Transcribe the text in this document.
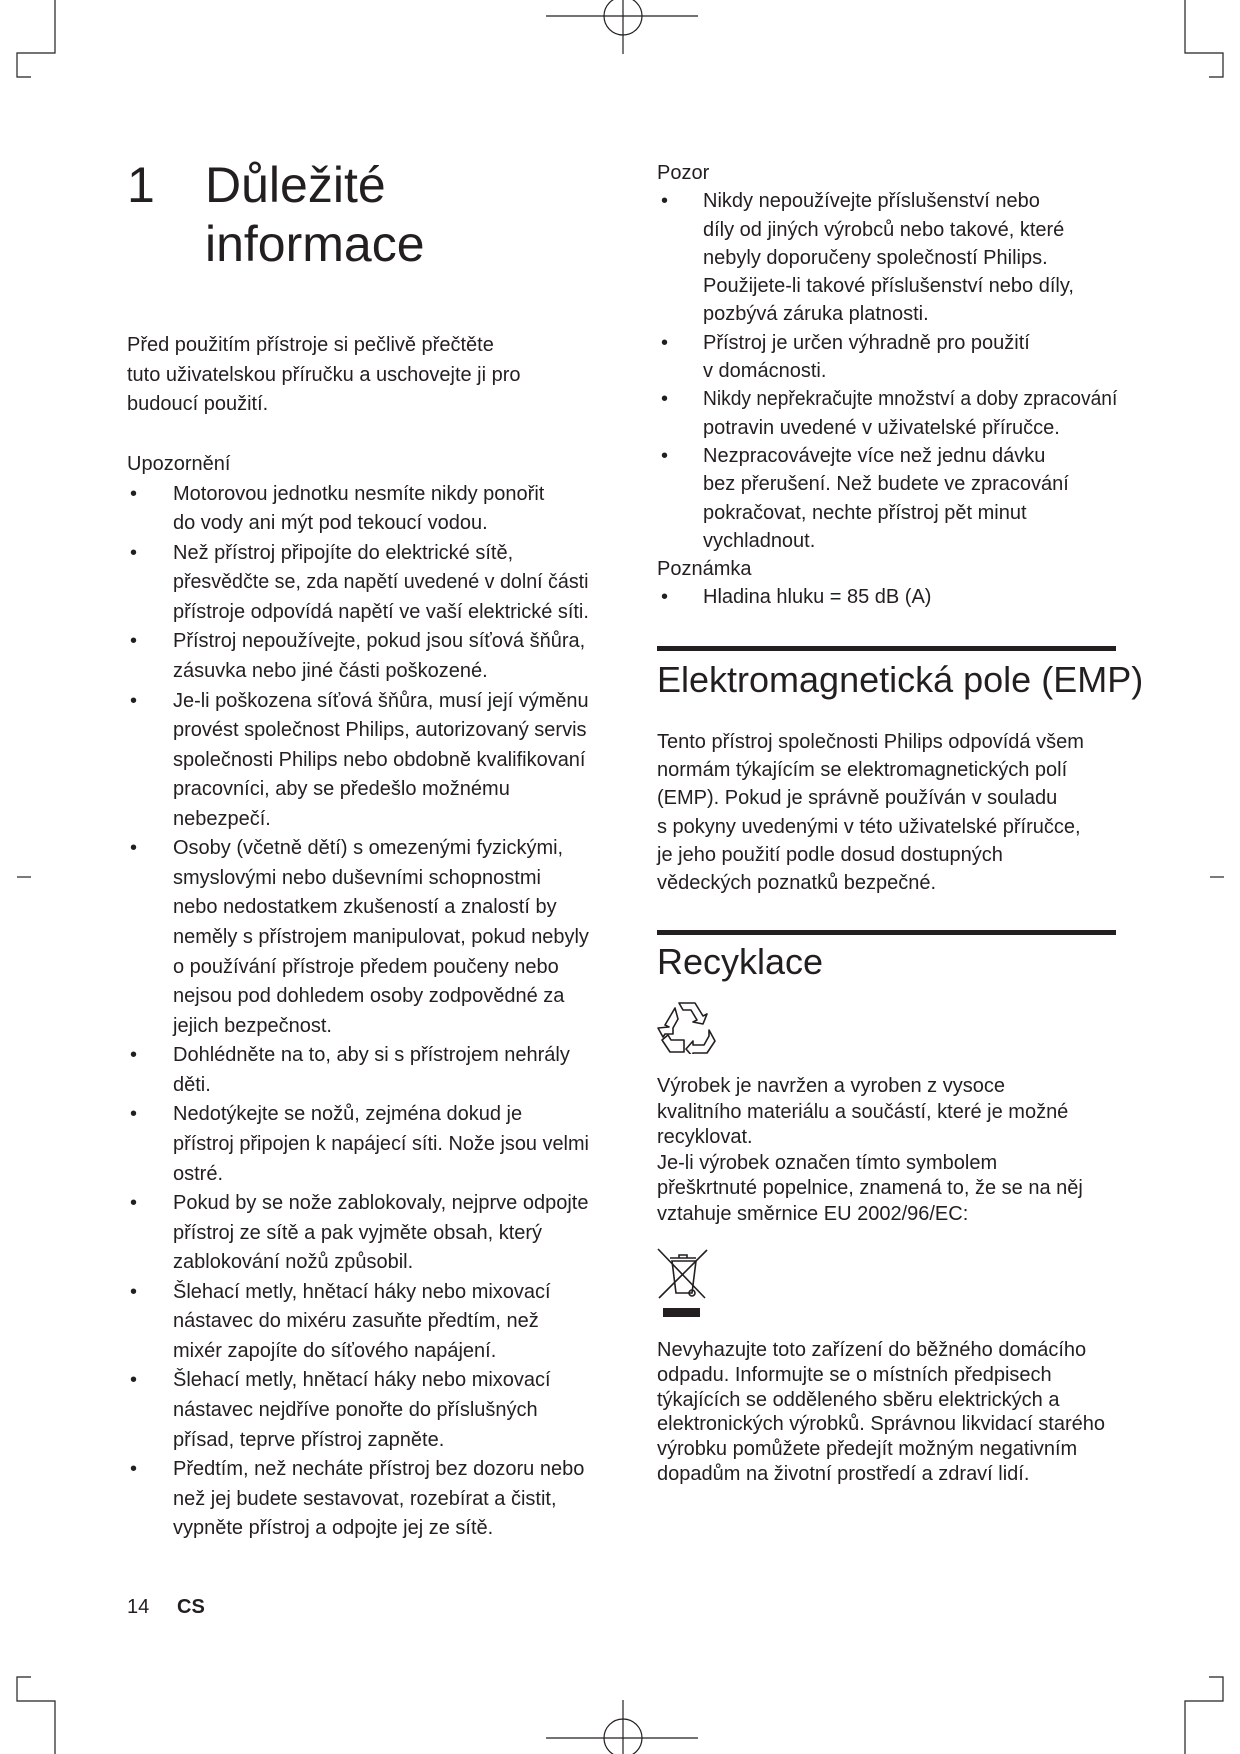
1 Důležité
informace
Před použitím přístroje si pečlivě přečtěte
tuto uživatelskou příručku a uschovejte ji pro
budoucí použití.
Upozornění
• Motorovou jednotku nesmíte nikdy ponořit
do vody ani mýt pod tekoucí vodou.
• Než přístroj připojíte do elektrické sítě,
přesvědčte se, zda napětí uvedené v dolní části
přístroje odpovídá napětí ve vaší elektrické síti.
• Přístroj nepoužívejte, pokud jsou síťová šňůra,
zásuvka nebo jiné části poškozené.
• Je-li poškozena síťová šňůra, musí její výměnu
provést společnost Philips, autorizovaný servis
společnosti Philips nebo obdobně kvalifikovaní
pracovníci, aby se předešlo možnému
nebezpečí.
• Osoby (včetně dětí) s omezenými fyzickými,
smyslovými nebo duševními schopnostmi
nebo nedostatkem zkušeností a znalostí by
neměly s přístrojem manipulovat, pokud nebyly
o používání přístroje předem poučeny nebo
nejsou pod dohledem osoby zodpovědné za
jejich bezpečnost.
• Dohlédněte na to, aby si s přístrojem nehrály
děti.
• Nedotýkejte se nožů, zejména dokud je
přístroj připojen k napájecí síti. Nože jsou velmi
ostré.
• Pokud by se nože zablokovaly, nejprve odpojte
přístroj ze sítě a pak vyjměte obsah, který
zablokování nožů způsobil.
• Šlehací metly, hnětací háky nebo mixovací
nástavec do mixéru zasuňte předtím, než
mixér zapojíte do síťového napájení.
• Šlehací metly, hnětací háky nebo mixovací
nástavec nejdříve ponořte do příslušných
přísad, teprve přístroj zapněte.
• Předtím, než necháte přístroj bez dozoru nebo
než jej budete sestavovat, rozebírat a čistit,
vypněte přístroj a odpojte jej ze sítě.
Pozor
• Nikdy nepoužívejte příslušenství nebo
díly od jiných výrobců nebo takové, které
nebyly doporučeny společností Philips.
Použijete-li takové příslušenství nebo díly,
pozbývá záruka platnosti.
• Přístroj je určen výhradně pro použití
v domácnosti.
• Nikdy nepřekračujte množství a doby zpracování
potravin uvedené v uživatelské příručce.
• Nezpracovávejte více než jednu dávku
bez přerušení. Než budete ve zpracování
pokračovat, nechte přístroj pět minut
vychladnout.
Poznámka
• Hladina hluku = 85 dB (A)
Elektromagnetická pole (EMP)
Tento přístroj společnosti Philips odpovídá všem
normám týkajícím se elektromagnetických polí
(EMP). Pokud je správně používán v souladu
s pokyny uvedenými v této uživatelské příručce,
je jeho použití podle dosud dostupných
vědeckých poznatků bezpečné.
Recyklace
Výrobek je navržen a vyroben z vysoce
kvalitního materiálu a součástí, které je možné
recyklovat.
Je-li výrobek označen tímto symbolem
přeškrtnuté popelnice, znamená to, že se na něj
vztahuje směrnice EU 2002/96/EC:
Nevyhazujte toto zařízení do běžného domácího
odpadu. Informujte se o místních předpisech
týkajících se odděleného sběru elektrických a
elektronických výrobků. Správnou likvidací starého
výrobku pomůžete předejít možným negativním
dopadům na životní prostředí a zdraví lidí.
14 CS
